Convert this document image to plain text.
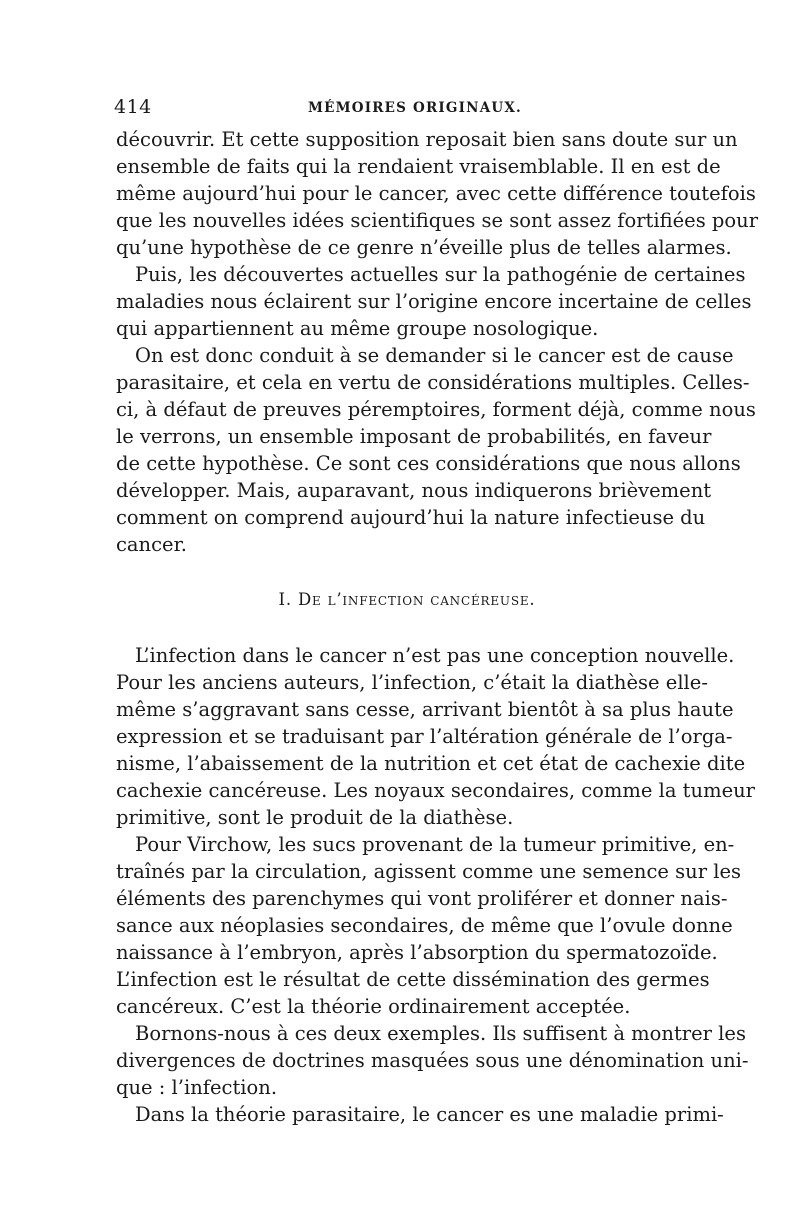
414	MÉMOIRES ORIGINAUX.
découvrir. Et cette supposition reposait bien sans doute sur un
ensemble de faits qui la rendaient vraisemblable. Il en est de
même aujourd’hui pour le cancer, avec cette différence toutefois
que les nouvelles idées scientifiques se sont assez fortifiées pour
qu’une hypothèse de ce genre n’éveille plus de telles alarmes.
Puis, les découvertes actuelles sur la pathogénie de certaines
maladies nous éclairent sur l’origine encore incertaine de celles
qui appartiennent au même groupe nosologique.
On est donc conduit à se demander si le cancer est de cause
parasitaire, et cela en vertu de considérations multiples. Celles-
ci, à défaut de preuves péremptoires, forment déjà, comme nous
le verrons, un ensemble imposant de probabilités, en faveur
de cette hypothèse. Ce sont ces considérations que nous allons
développer. Mais, auparavant, nous indiquerons brièvement
comment on comprend aujourd’hui la nature infectieuse du
cancer.
I. De l’infection cancéreuse.
L’infection dans le cancer n’est pas une conception nouvelle.
Pour les anciens auteurs, l’infection, c’était la diathèse elle-
même s’aggravant sans cesse, arrivant bientôt à sa plus haute
expression et se traduisant par l’altération générale de l’orga-
nisme, l’abaissement de la nutrition et cet état de cachexie dite
cachexie cancéreuse. Les noyaux secondaires, comme la tumeur
primitive, sont le produit de la diathèse.
Pour Virchow, les sucs provenant de la tumeur primitive, en-
traînés par la circulation, agissent comme une semence sur les
éléments des parenchymes qui vont proliférer et donner nais-
sance aux néoplasies secondaires, de même que l’ovule donne
naissance à l’embryon, après l’absorption du spermatozoïde.
L’infection est le résultat de cette dissémination des germes
cancéreux. C’est la théorie ordinairement acceptée.
Bornons-nous à ces deux exemples. Ils suffisent à montrer les
divergences de doctrines masquées sous une dénomination uni-
que : l’infection.
Dans la théorie parasitaire, le cancer es une maladie primi-
